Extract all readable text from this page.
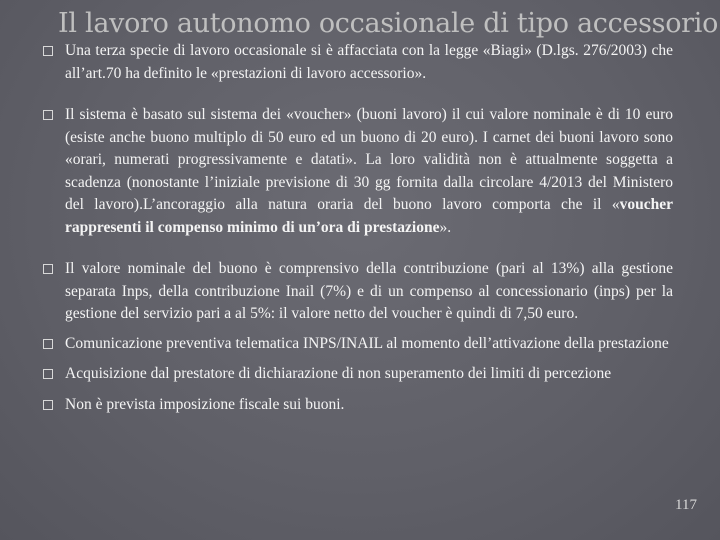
Una terza specie di lavoro occasionale si è affacciata con la legge «Biagi» (D.lgs. 276/2003) che all’art.70 ha definito le «prestazioni di lavoro accessorio».
Il sistema è basato sul sistema dei «voucher» (buoni lavoro) il cui valore nominale è di 10 euro (esiste anche buono multiplo di 50 euro ed un buono di 20 euro). I carnet dei buoni lavoro sono «orari, numerati progressivamente e datati». La loro validità non è attualmente soggetta a scadenza (nonostante l’iniziale previsione di 30 gg fornita dalla circolare 4/2013 del Ministero del lavoro).L’ancoraggio alla natura oraria del buono lavoro comporta che il «voucher rappresenti il compenso minimo di un’ora di prestazione».
Il valore nominale del buono è comprensivo della contribuzione (pari al 13%) alla gestione separata Inps, della contribuzione Inail (7%) e di un compenso al concessionario (inps) per la gestione del servizio pari a al 5%: il valore netto del voucher è quindi di 7,50 euro.
Comunicazione preventiva telematica INPS/INAIL al momento dell’attivazione della prestazione
Acquisizione dal prestatore di dichiarazione di non superamento dei limiti di percezione
Non è prevista imposizione fiscale sui buoni.
Il lavoro autonomo occasionale di tipo accessorio
117
